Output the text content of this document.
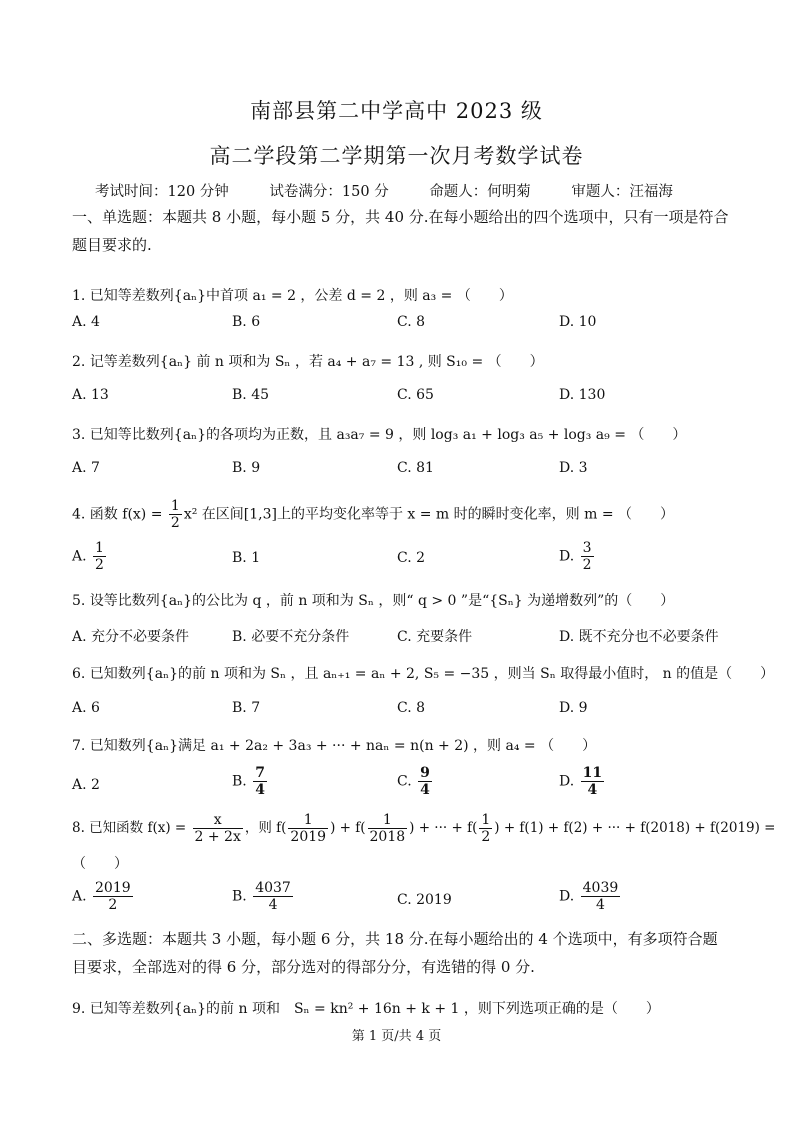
南部县第二中学高中 2023 级
高二学段第二学期第一次月考数学试卷
考试时间：120 分钟	试卷满分：150 分	命题人：何明菊	审题人：汪福海
一、单选题：本题共 8 小题，每小题 5 分，共 40 分.在每小题给出的四个选项中，只有一项是符合题目要求的.
1. 已知等差数列{aₙ}中首项 a₁ = 2 ，公差 d = 2 ，则 a₃ = （　　）
A. 4	B. 6	C. 8	D. 10
2. 记等差数列{aₙ} 前 n 项和为 Sₙ ，若 a₄ + a₇ = 13 , 则 S₁₀ = （　　）
A. 13	B. 45	C. 65	D. 130
3. 已知等比数列{aₙ}的各项均为正数，且 a₃a₇ = 9 ，则 log₃ a₁ + log₃ a₅ + log₃ a₉ = （　　）
A. 7	B. 9	C. 81	D. 3
4. 函数 $f(x) = \frac{1}{2} x^2$ 在区间[1,3]上的平均变化率等于 x = m 时的瞬时变化率，则 m = （　　）
A. $\frac{1}{2}$	B. 1	C. 2	D. $\frac{3}{2}$
5. 设等比数列{aₙ}的公比为 q ，前 n 项和为 Sₙ ，则“ q > 0 ”是“{Sₙ} 为递增数列”的（　　）
A. 充分不必要条件	B. 必要不充分条件	C. 充要条件	D. 既不充分也不必要条件
6. 已知数列{aₙ}的前 n 项和为 Sₙ ，且 aₙ₊₁ = aₙ + 2, S₅ = −35 ，则当 Sₙ 取得最小值时， n 的值是（　　）
A. 6	B. 7	C. 8	D. 9
7. 已知数列{aₙ}满足 a₁ + 2a₂ + 3a₃ + ··· + naₙ = n(n + 2) ，则 a₄ = （　　）
A. 2	B. $\frac{7}{4}$	C. $\frac{9}{4}$	D. $\frac{11}{4}$
8. 已知函数 $f(x) = \frac{x}{2 + 2x}$ ，则 $f( \frac{1}{2019}$ ) + $f( \frac{1}{2018}$ ) + ··· + $f( \frac{1}{2}$ ) + f(1) + f(2) + ··· + f(2018) + f(2019) =
（　　）
A. $\frac{2019}{2}$	B. $\frac{4037}{4}$	C. 2019	D. $\frac{4039}{4}$
二、多选题：本题共 3 小题，每小题 6 分，共 18 分.在每小题给出的 4 个选项中，有多项符合题目要求，全部选对的得 6 分，部分选对的得部分分，有选错的得 0 分.
9. 已知等差数列{aₙ}的前 n 项和　Sₙ = kn² + 16n + k + 1 ，则下列选项正确的是（　　）
第 1 页/共 4 页
